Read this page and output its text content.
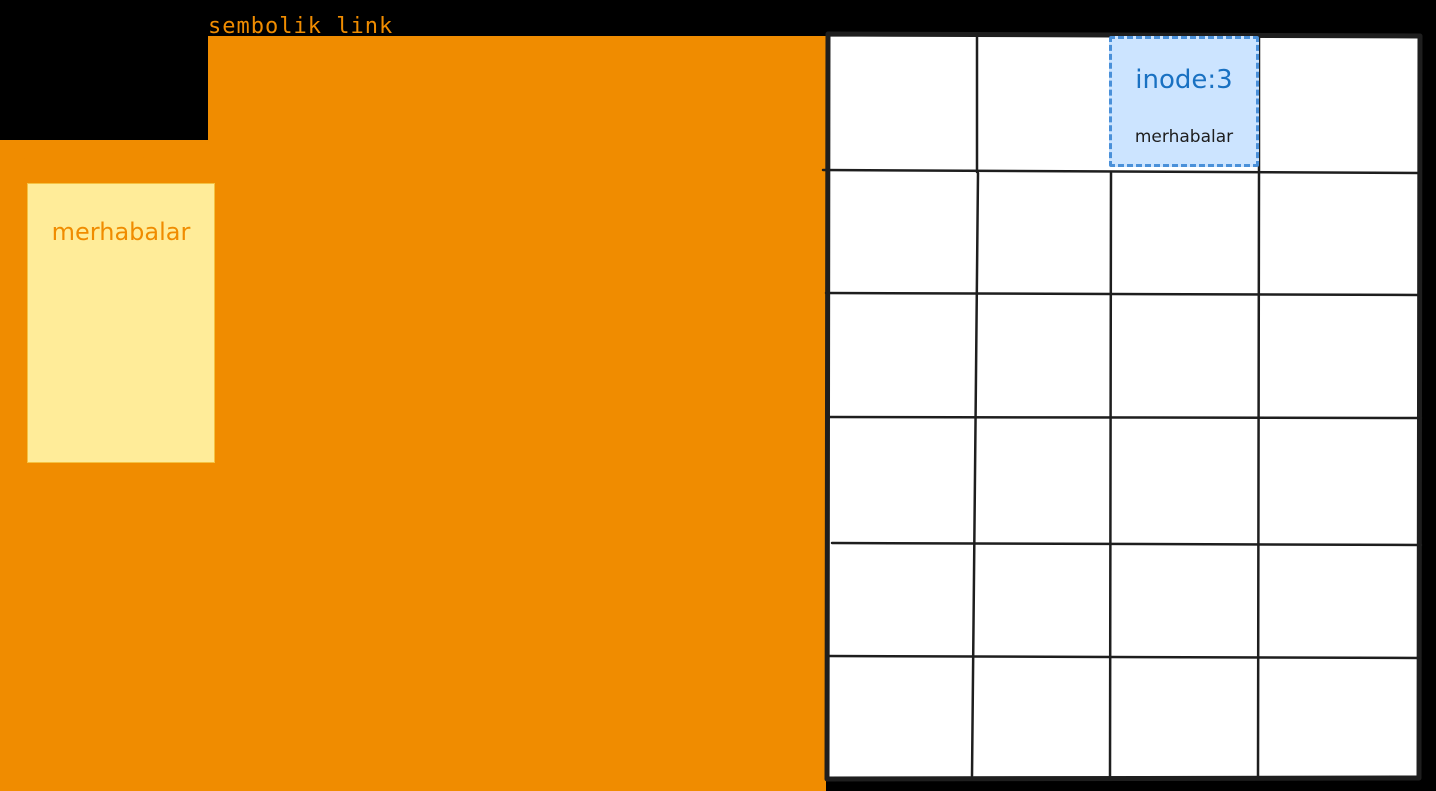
sembolik link
sembolik veri
merhabalar
inode:3
merhabalar
